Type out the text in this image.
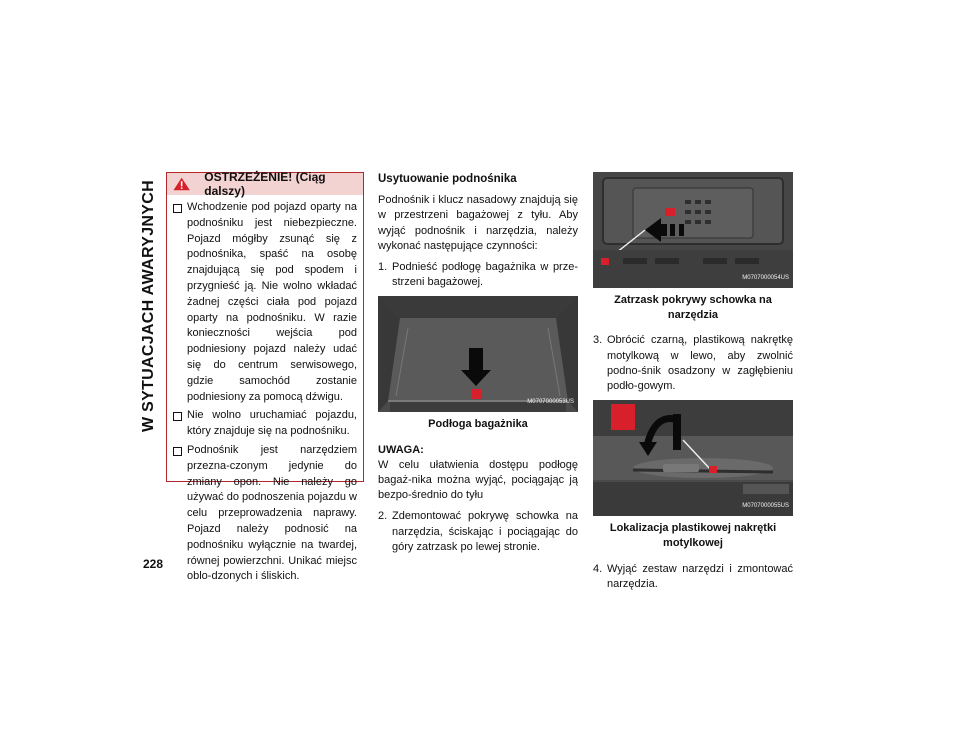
W SYTUACJACH AWARYJNYCH
228
OSTRZEŻENIE! (Ciąg dalszy)
Wchodzenie pod pojazd oparty na podnośniku jest niebezpieczne. Pojazd mógłby zsunąć się z podnośnika, spaść na osobę znajdującą się pod spodem i przygnieść ją. Nie wolno wkładać żadnej części ciała pod pojazd oparty na podnośniku. W razie konieczności wejścia pod podniesiony pojazd należy udać się do centrum serwisowego, gdzie samochód zostanie podniesiony za pomocą dźwigu.
Nie wolno uruchamiać pojazdu, który znajduje się na podnośniku.
Podnośnik jest narzędziem przezna-czonym jedynie do zmiany opon. Nie należy go używać do podnoszenia pojazdu w celu przeprowadzenia naprawy. Pojazd należy podnosić na podnośniku wyłącznie na twardej, równej powierzchni. Unikać miejsc oblo-dzonych i śliskich.

Usytuowanie podnośnika

Podnośnik i klucz nasadowy znajdują się w przestrzeni bagażowej z tyłu. Aby wyjąć podnośnik i narzędzia, należy wykonać następujące czynności:

1. Podnieść podłogę bagażnika w prze-strzeni bagażowej.
M0707000053US

Podłoga bagażnika

UWAGA:

W celu ułatwienia dostępu podłogę bagaż-nika można wyjąć, pociągając ją bezpo-średnio do tyłu

2. Zdemontować pokrywę schowka na narzędzia, ściskając i pociągając do góry zatrzask po lewej stronie.
M0707000054US

Zatrzask pokrywy schowka na narzędzia

3. Obrócić czarną, plastikową nakrętkę motylkową w lewo, aby zwolnić podno-śnik osadzony w zagłębieniu podło-gowym.
M0707000055US

Lokalizacja plastikowej nakrętki motylkowej

4. Wyjąć zestaw narzędzi i zmontować narzędzia.
